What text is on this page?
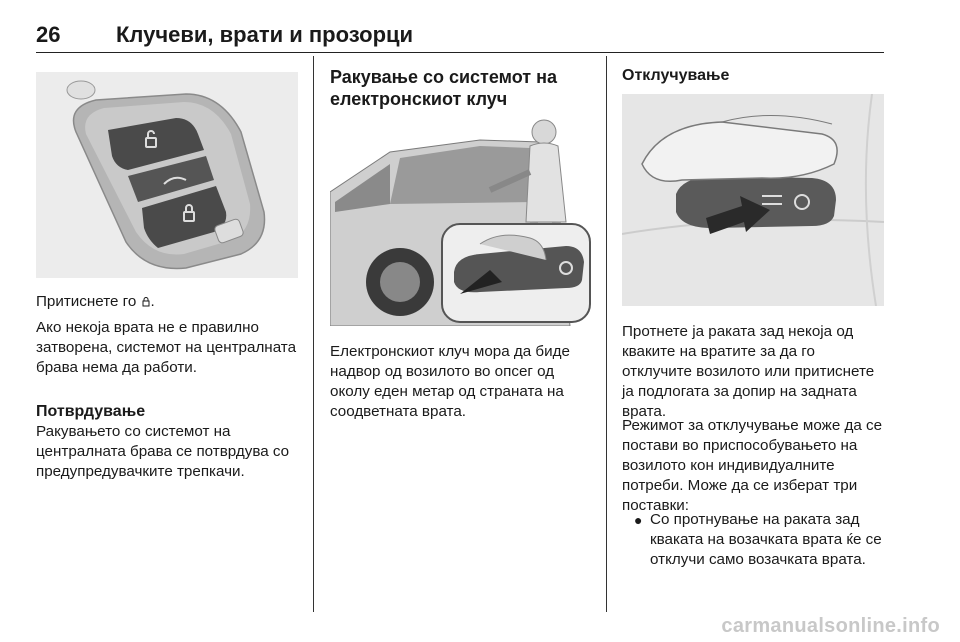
26	Клучеви, врати и прозорци

Притиснете го .

Ако некоја врата не е правилно затворена, системот на централната брава нема да работи.

Потврдување

Ракувањето со системот на централната брава се потврдува со предупредувачките трепкачи.

Ракување со системот на електронскиот клуч

Електронскиот клуч мора да биде надвор од возилото во опсег од околу еден метар од страната на соодветната врата.

Отклучување

Протнете ја раката зад некоја од кваките на вратите за да го отклучите возилото или притиснете ја подлогата за допир на задната врата.

Режимот за отклучување може да се постави во приспособувањето на возилото кон индивидуалните потреби. Може да се изберат три поставки:

● Со протнување на раката зад кваката на возачката врата ќе се отклучи само возачката врата.
carmanualsonline.info
